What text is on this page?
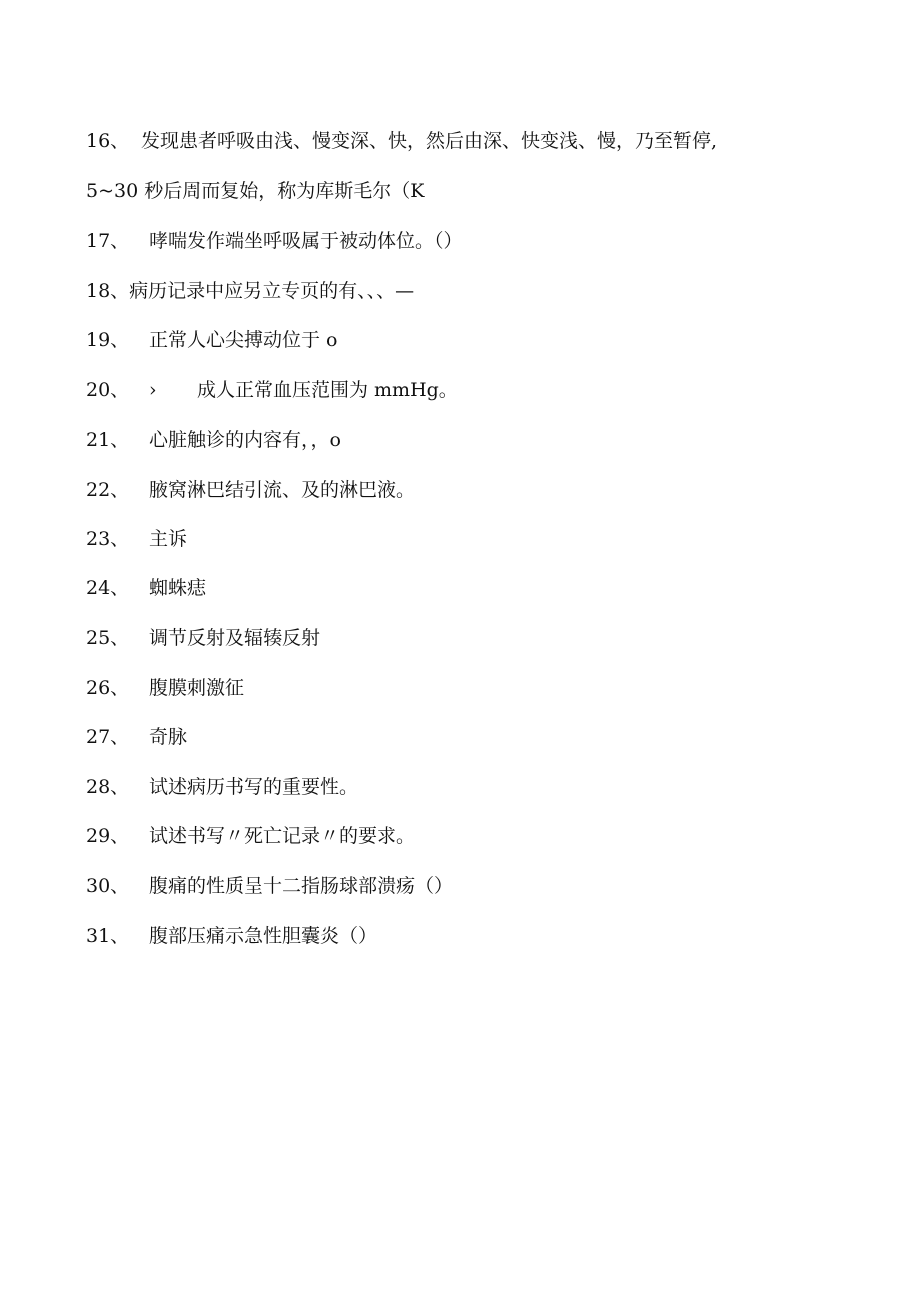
16、 发现患者呼吸由浅、慢变深、快，然后由深、快变浅、慢，乃至暂停,
5~30 秒后周而复始，称为库斯毛尔（K
17、 哮喘发作端坐呼吸属于被动体位。（）
18、病历记录中应另立专页的有、、、—
19、 正常人心尖搏动位于 o
20、 › 成人正常血压范围为 mmHg。
21、 心脏触诊的内容有，，o
22、 腋窝淋巴结引流、及的淋巴液。
23、 主诉
24、 蜘蛛痣
25、 调节反射及辐辏反射
26、 腹膜刺激征
27、 奇脉
28、 试述病历书写的重要性。
29、 试述书写〃死亡记录〃的要求。
30、 腹痛的性质呈十二指肠球部溃疡（）
31、 腹部压痛示急性胆囊炎（）
